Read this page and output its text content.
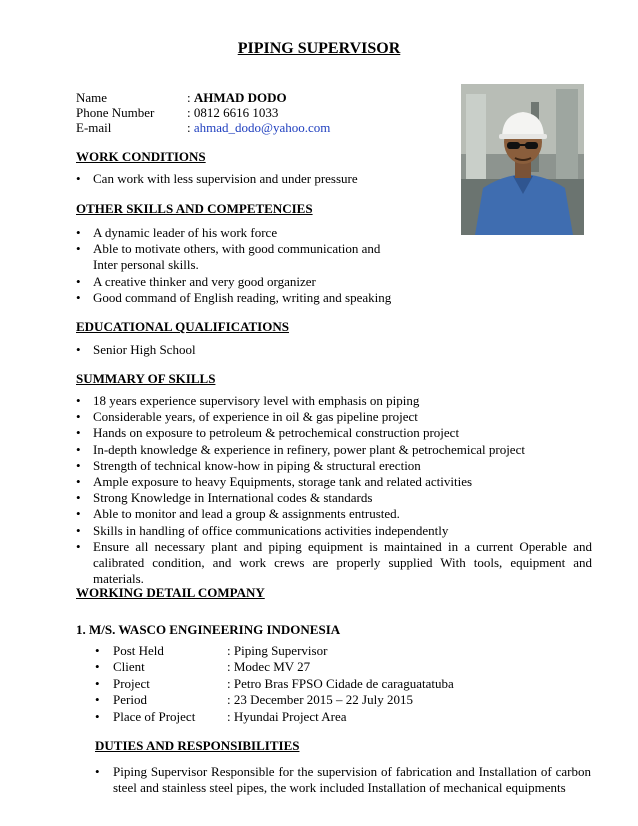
PIPING SUPERVISOR
Name	: AHMAD DODO
Phone Number	: 0812 6616 1033
E-mail	: ahmad_dodo@yahoo.com
WORK CONDITIONS
• Can work with less supervision and under pressure
OTHER SKILLS AND COMPETENCIES
• A dynamic leader of his work force
• Able to motivate others, with good communication and
Inter personal skills.
• A creative thinker and very good organizer
• Good command of English reading, writing and speaking
EDUCATIONAL QUALIFICATIONS
• Senior High School
SUMMARY OF SKILLS
• 18 years experience supervisory level with emphasis on piping
• Considerable years, of experience in oil & gas pipeline project
• Hands on exposure to petroleum & petrochemical construction project
• In-depth knowledge & experience in refinery, power plant & petrochemical project
• Strength of technical know-how in piping & structural erection
• Ample exposure to heavy Equipments, storage tank and related activities
• Strong Knowledge in International codes & standards
• Able to monitor and lead a group & assignments entrusted.
• Skills in handling of office communications activities independently
• Ensure all necessary plant and piping equipment is maintained in a current Operable and calibrated condition, and work crews are properly supplied With tools, equipment and materials.
WORKING DETAIL COMPANY
1. M/S. WASCO ENGINEERING INDONESIA
• Post Held	: Piping Supervisor
• Client	: Modec MV 27
• Project	: Petro Bras FPSO Cidade de caraguatatuba
• Period	: 23 December 2015 – 22 July 2015
• Place of Project : Hyundai Project Area
DUTIES AND RESPONSIBILITIES
• Piping Supervisor Responsible for the supervision of fabrication and Installation of carbon steel and stainless steel pipes, the work included Installation of mechanical equipments
